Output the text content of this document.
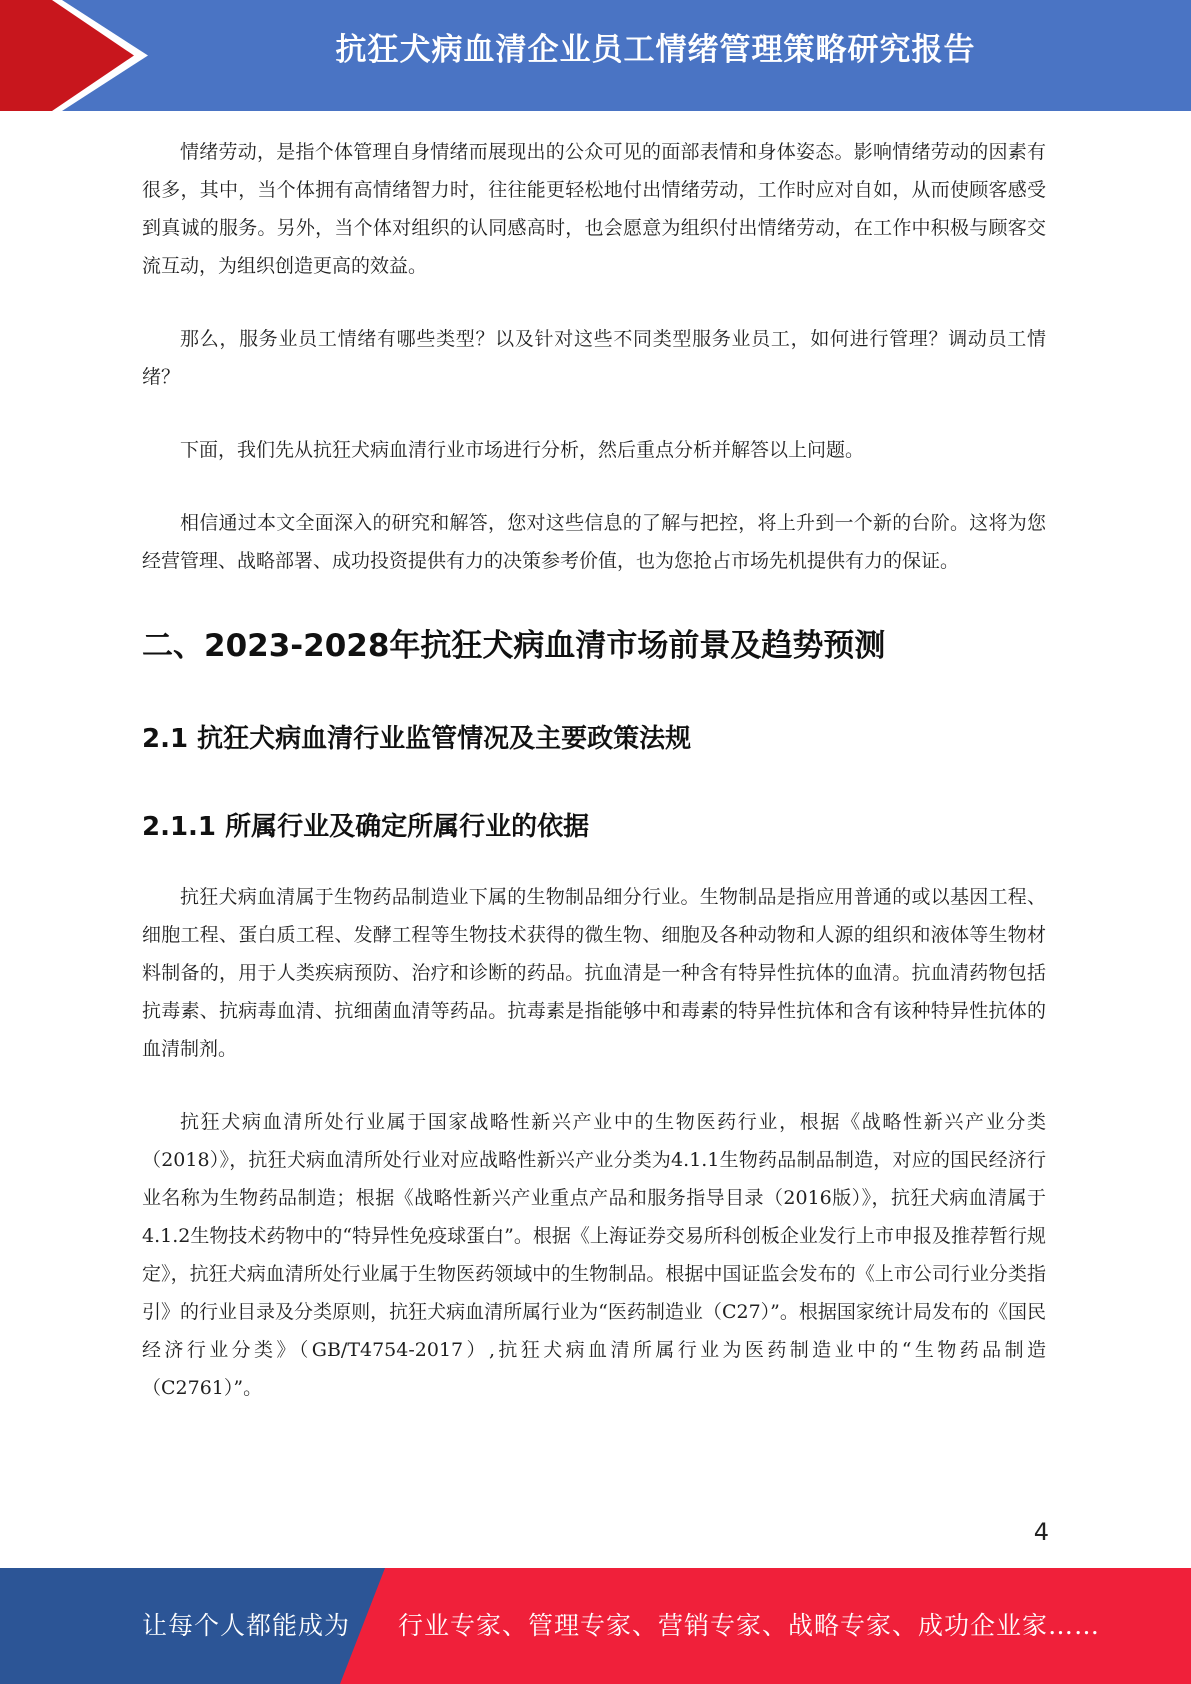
抗狂犬病血清企业员工情绪管理策略研究报告

情绪劳动，是指个体管理自身情绪而展现出的公众可见的面部表情和身体姿态。影响情绪劳动的因素有很多，其中，当个体拥有高情绪智力时，往往能更轻松地付出情绪劳动，工作时应对自如，从而使顾客感受到真诚的服务。另外，当个体对组织的认同感高时，也会愿意为组织付出情绪劳动，在工作中积极与顾客交流互动，为组织创造更高的效益。

那么，服务业员工情绪有哪些类型？以及针对这些不同类型服务业员工，如何进行管理？调动员工情绪？

下面，我们先从抗狂犬病血清行业市场进行分析，然后重点分析并解答以上问题。

相信通过本文全面深入的研究和解答，您对这些信息的了解与把控，将上升到一个新的台阶。这将为您经营管理、战略部署、成功投资提供有力的决策参考价值，也为您抢占市场先机提供有力的保证。

二、2023-2028年抗狂犬病血清市场前景及趋势预测
2.1 抗狂犬病血清行业监管情况及主要政策法规
2.1.1 所属行业及确定所属行业的依据

抗狂犬病血清属于生物药品制造业下属的生物制品细分行业。生物制品是指应用普通的或以基因工程、细胞工程、蛋白质工程、发酵工程等生物技术获得的微生物、细胞及各种动物和人源的组织和液体等生物材料制备的，用于人类疾病预防、治疗和诊断的药品。抗血清是一种含有特异性抗体的血清。抗血清药物包括抗毒素、抗病毒血清、抗细菌血清等药品。抗毒素是指能够中和毒素的特异性抗体和含有该种特异性抗体的血清制剂。

抗狂犬病血清所处行业属于国家战略性新兴产业中的生物医药行业，根据《战略性新兴产业分类（2018）》，抗狂犬病血清所处行业对应战略性新兴产业分类为4.1.1生物药品制品制造，对应的国民经济行业名称为生物药品制造；根据《战略性新兴产业重点产品和服务指导目录（2016版）》，抗狂犬病血清属于4.1.2生物技术药物中的“特异性免疫球蛋白”。根据《上海证券交易所科创板企业发行上市申报及推荐暂行规定》，抗狂犬病血清所处行业属于生物医药领域中的生物制品。根据中国证监会发布的《上市公司行业分类指引》的行业目录及分类原则，抗狂犬病血清所属行业为“医药制造业（C27）”。根据国家统计局发布的《国民经济行业分类》（GB/T4754-2017）,抗狂犬病血清所属行业为医药制造业中的“生物药品制造（C2761）”。

4
让每个人都能成为 行业专家、管理专家、营销专家、战略专家、成功企业家……
